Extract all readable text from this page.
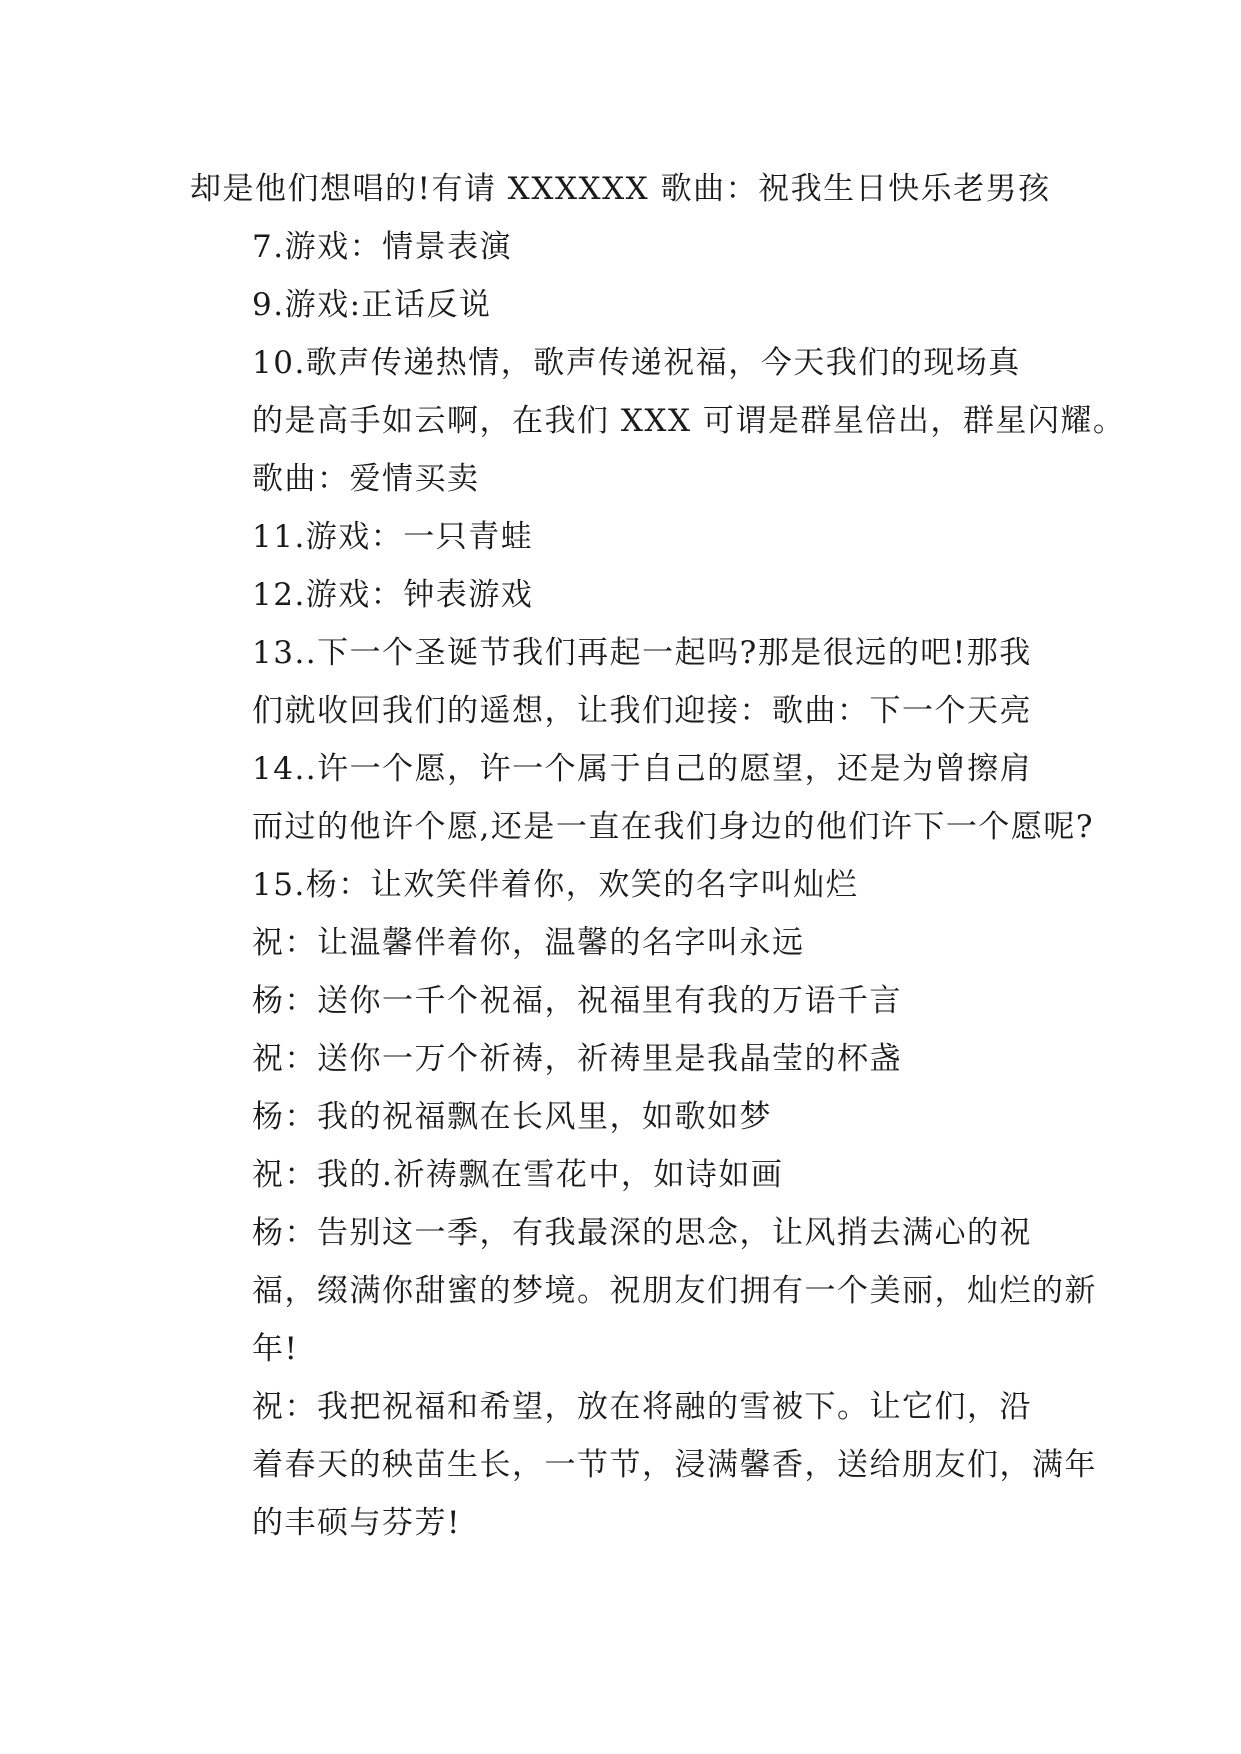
却是他们想唱的!有请 XXXXXX 歌曲：祝我生日快乐老男孩

7.游戏：情景表演

9.游戏:正话反说

10.歌声传递热情，歌声传递祝福，今天我们的现场真
的是高手如云啊，在我们 XXX 可谓是群星倍出，群星闪耀。
歌曲：爱情买卖

11.游戏：一只青蛙

12.游戏：钟表游戏

13..下一个圣诞节我们再起一起吗?那是很远的吧!那我
们就收回我们的遥想，让我们迎接：歌曲：下一个天亮

14..许一个愿，许一个属于自己的愿望，还是为曾擦肩
而过的他许个愿,还是一直在我们身边的他们许下一个愿呢?

15.杨：让欢笑伴着你，欢笑的名字叫灿烂

祝：让温馨伴着你，温馨的名字叫永远

杨：送你一千个祝福，祝福里有我的万语千言

祝：送你一万个祈祷，祈祷里是我晶莹的杯盏

杨：我的祝福飘在长风里，如歌如梦

祝：我的.祈祷飘在雪花中，如诗如画

杨：告别这一季，有我最深的思念，让风捎去满心的祝
福，缀满你甜蜜的梦境。祝朋友们拥有一个美丽，灿烂的新
年!

祝：我把祝福和希望，放在将融的雪被下。让它们，沿
着春天的秧苗生长，一节节，浸满馨香，送给朋友们，满年
的丰硕与芬芳!
